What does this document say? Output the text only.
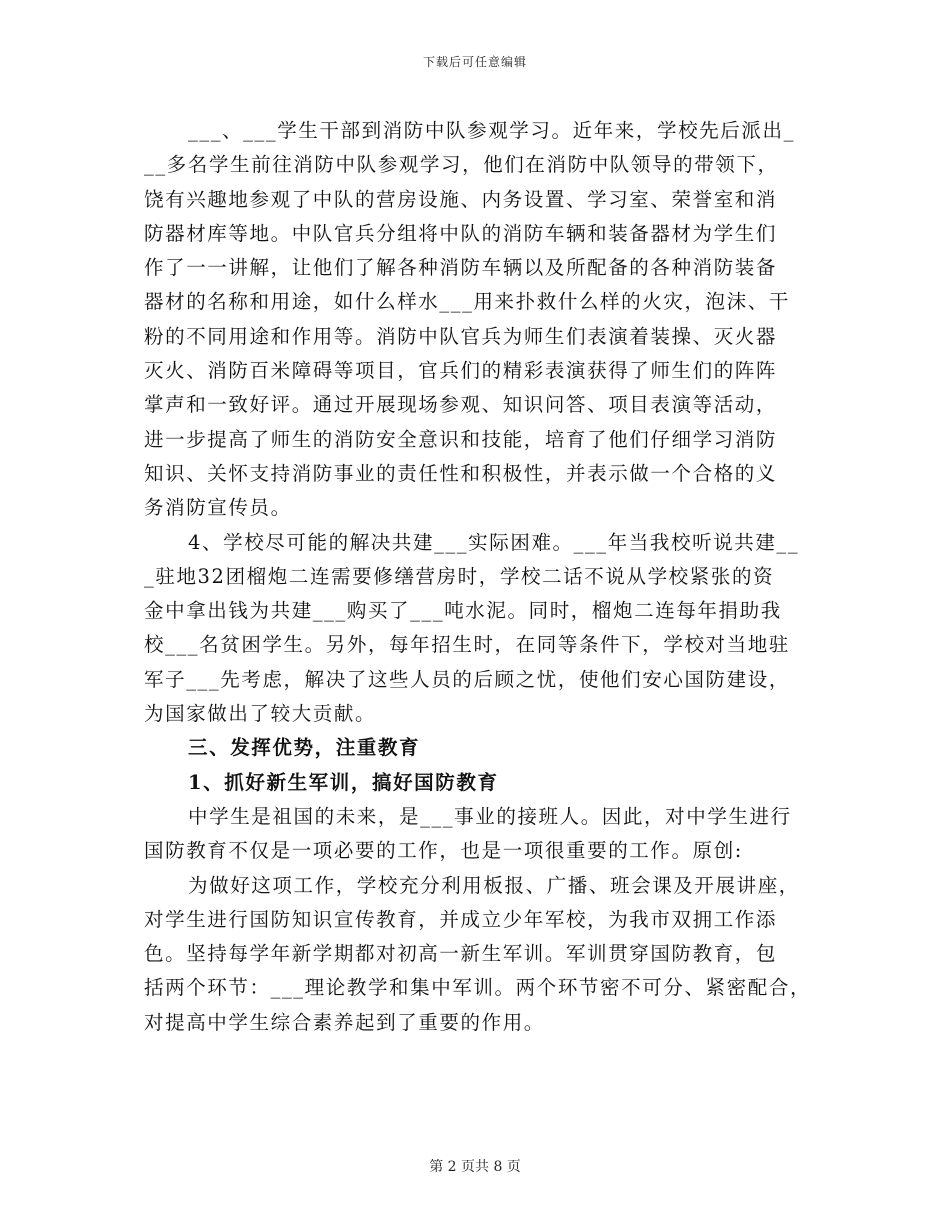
下载后可任意编辑
___、___学生干部到消防中队参观学习。近年来，学校先后派出_
__多名学生前往消防中队参观学习，他们在消防中队领导的带领下，
饶有兴趣地参观了中队的营房设施、内务设置、学习室、荣誉室和消
防器材库等地。中队官兵分组将中队的消防车辆和装备器材为学生们
作了一一讲解，让他们了解各种消防车辆以及所配备的各种消防装备
器材的名称和用途，如什么样水___用来扑救什么样的火灾，泡沫、干
粉的不同用途和作用等。消防中队官兵为师生们表演着装操、灭火器
灭火、消防百米障碍等项目，官兵们的精彩表演获得了师生们的阵阵
掌声和一致好评。通过开展现场参观、知识问答、项目表演等活动，
进一步提高了师生的消防安全意识和技能，培育了他们仔细学习消防
知识、关怀支持消防事业的责任性和积极性，并表示做一个合格的义
务消防宣传员。
4、学校尽可能的解决共建___实际困难。___年当我校听说共建__
_驻地32团榴炮二连需要修缮营房时，学校二话不说从学校紧张的资
金中拿出钱为共建___购买了___吨水泥。同时，榴炮二连每年捐助我
校___名贫困学生。另外，每年招生时，在同等条件下，学校对当地驻
军子___先考虑，解决了这些人员的后顾之忧，使他们安心国防建设，
为国家做出了较大贡献。
三、发挥优势，注重教育
1、抓好新生军训，搞好国防教育
中学生是祖国的未来，是___事业的接班人。因此，对中学生进行
国防教育不仅是一项必要的工作，也是一项很重要的工作。原创:
为做好这项工作，学校充分利用板报、广播、班会课及开展讲座，
对学生进行国防知识宣传教育，并成立少年军校，为我市双拥工作添
色。坚持每学年新学期都对初高一新生军训。军训贯穿国防教育，包
括两个环节：___理论教学和集中军训。两个环节密不可分、紧密配合，
对提高中学生综合素养起到了重要的作用。
第 2 页共 8 页
